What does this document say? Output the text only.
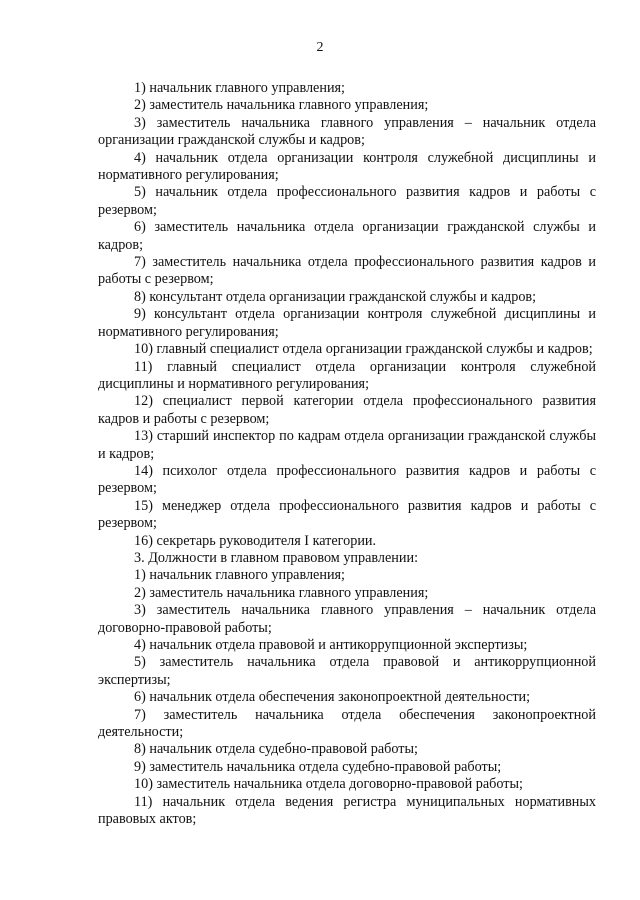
2

1) начальник главного управления;

2) заместитель начальника главного управления;

3) заместитель начальника главного управления – начальник отдела организации гражданской службы и кадров;

4) начальник отдела организации контроля служебной дисциплины и нормативного регулирования;

5) начальник отдела профессионального развития кадров и работы с резервом;

6) заместитель начальника отдела организации гражданской службы и кадров;

7) заместитель начальника отдела профессионального развития кадров и работы с резервом;

8) консультант отдела организации гражданской службы и кадров;

9) консультант отдела организации контроля служебной дисциплины и нормативного регулирования;

10) главный специалист отдела организации гражданской службы и кадров;

11) главный специалист отдела организации контроля служебной дисциплины и нормативного регулирования;

12) специалист первой категории отдела профессионального развития кадров и работы с резервом;

13) старший инспектор по кадрам отдела организации гражданской службы и кадров;

14) психолог отдела профессионального развития кадров и работы с резервом;

15) менеджер отдела профессионального развития кадров и работы с резервом;

16) секретарь руководителя I категории.

3. Должности в главном правовом управлении:

1) начальник главного управления;

2) заместитель начальника главного управления;

3) заместитель начальника главного управления – начальник отдела договорно-правовой работы;

4) начальник отдела правовой и антикоррупционной экспертизы;

5) заместитель начальника отдела правовой и антикоррупционной экспертизы;

6) начальник отдела обеспечения законопроектной деятельности;

7) заместитель начальника отдела обеспечения законопроектной деятельности;

8) начальник отдела судебно-правовой работы;

9) заместитель начальника отдела судебно-правовой работы;

10) заместитель начальника отдела договорно-правовой работы;

11) начальник отдела ведения регистра муниципальных нормативных правовых актов;
